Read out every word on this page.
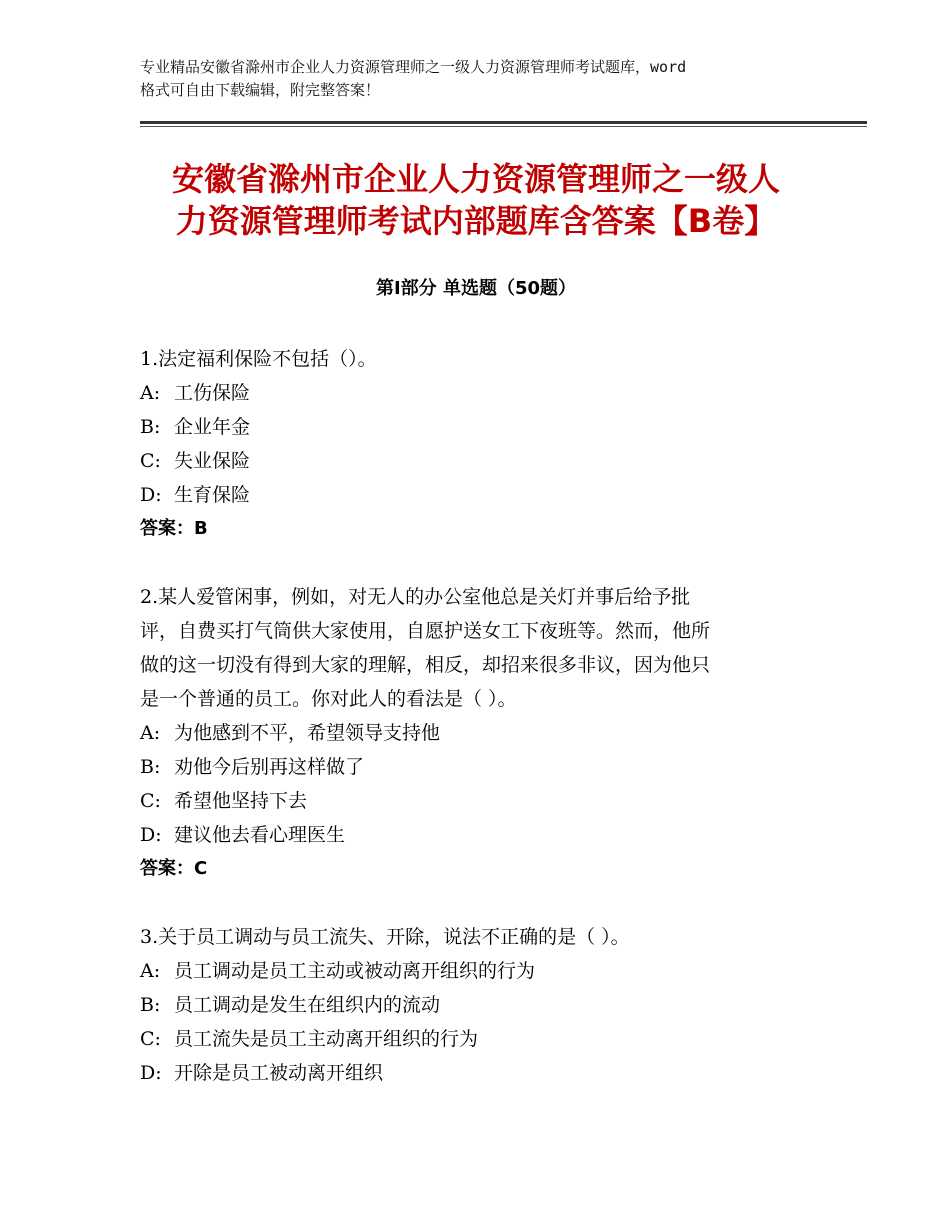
专业精品安徽省滁州市企业人力资源管理师之一级人力资源管理师考试题库，word
格式可自由下载编辑，附完整答案！
安徽省滁州市企业人力资源管理师之一级人
力资源管理师考试内部题库含答案【B卷】
第Ⅰ部分 单选题（50题）
1.法定福利保险不包括（）。
A: 工伤保险
B: 企业年金
C: 失业保险
D: 生育保险
答案：B
2.某人爱管闲事，例如，对无人的办公室他总是关灯并事后给予批
评，自费买打气筒供大家使用，自愿护送女工下夜班等。然而，他所
做的这一切没有得到大家的理解，相反，却招来很多非议，因为他只
是一个普通的员工。你对此人的看法是（ ）。
A: 为他感到不平，希望领导支持他
B: 劝他今后别再这样做了
C: 希望他坚持下去
D: 建议他去看心理医生
答案：C
3.关于员工调动与员工流失、开除，说法不正确的是（ ）。
A: 员工调动是员工主动或被动离开组织的行为
B: 员工调动是发生在组织内的流动
C: 员工流失是员工主动离开组织的行为
D: 开除是员工被动离开组织
